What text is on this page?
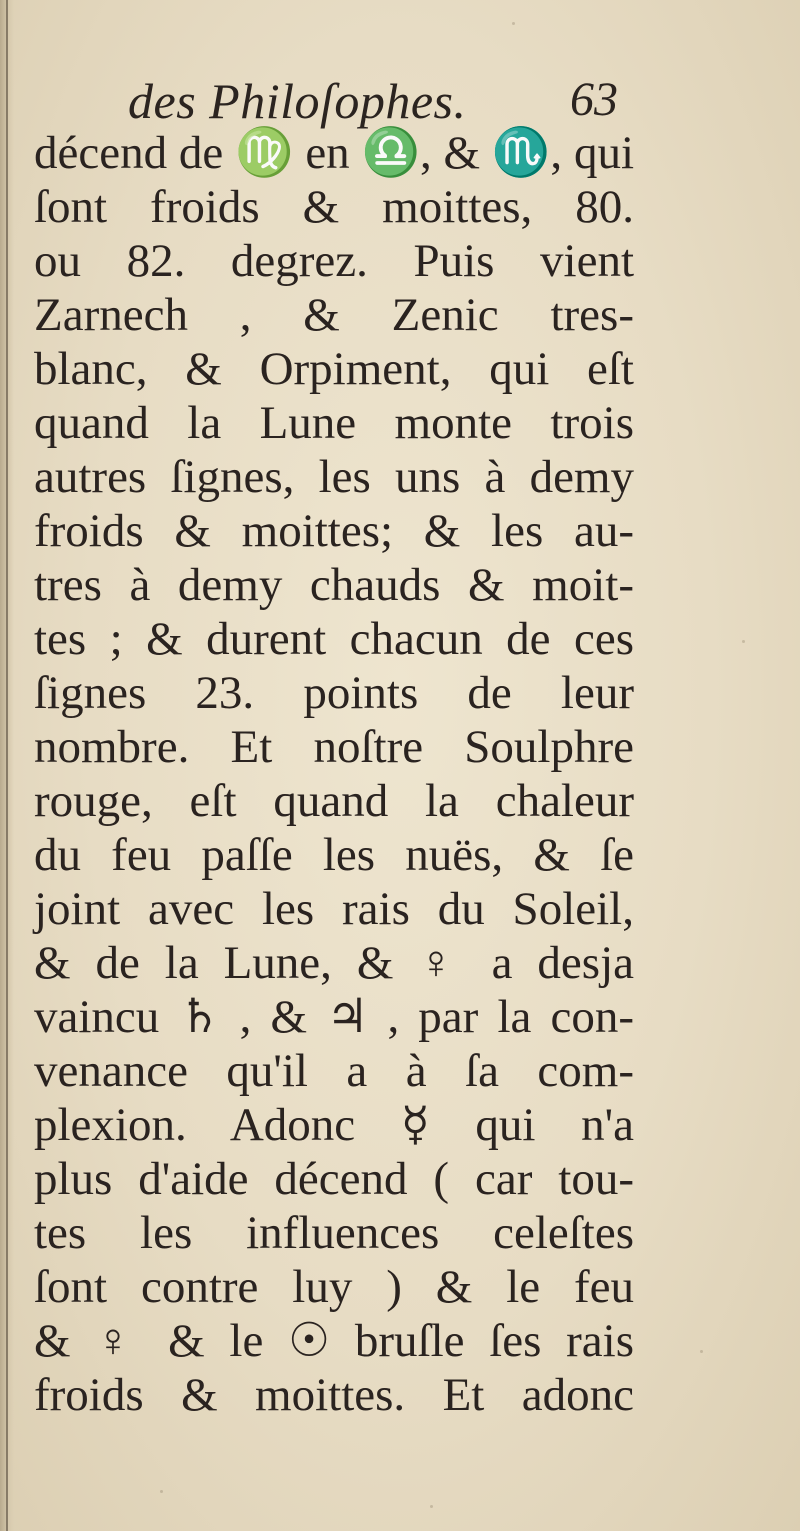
des Philoſophes. 63
décend de ♍ en ♎, & ♏, qui
ſont froids & moittes, 80.
ou 82. degrez. Puis vient
Zarnech , & Zenic tres-
blanc, & Orpiment, qui eſt
quand la Lune monte trois
autres ſignes, les uns à demy
froids & moittes; & les au-
tres à demy chauds & moit-
tes ; & durent chacun de ces
ſignes 23. points de leur
nombre. Et noſtre Soulphre
rouge, eſt quand la chaleur
du feu paſſe les nuës, & ſe
joint avec les rais du Soleil,
& de la Lune, & ♀ a desja
vaincu ♄ , & ♃ , par la con-
venance qu'il a à ſa com-
plexion. Adonc ☿ qui n'a
plus d'aide décend ( car tou-
tes les influences celeſtes
ſont contre luy ) & le feu
& ♀ & le ☉ bruſle ſes rais
froids & moittes. Et adonc
